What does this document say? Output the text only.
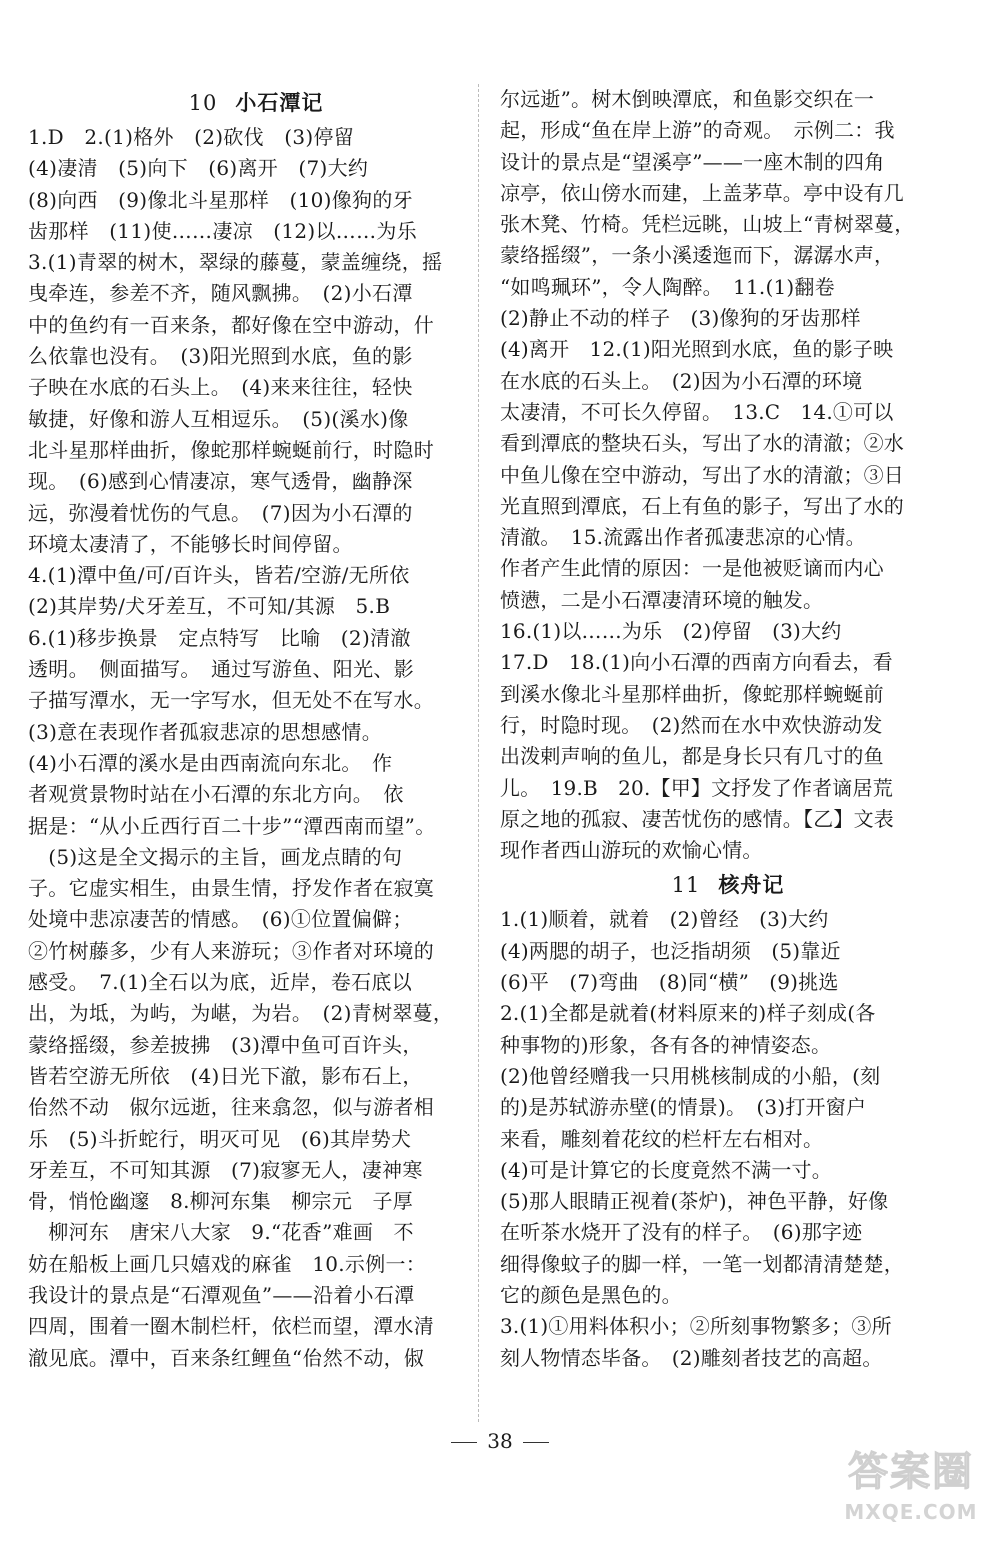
10 小石潭记
1.D　2.(1)格外　(2)砍伐　(3)停留
(4)凄清　(5)向下　(6)离开　(7)大约
(8)向西　(9)像北斗星那样　(10)像狗的牙
齿那样　(11)使……凄凉　(12)以……为乐
3.(1)青翠的树木，翠绿的藤蔓，蒙盖缠绕，摇
曳牵连，参差不齐，随风飘拂。　(2)小石潭
中的鱼约有一百来条，都好像在空中游动，什
么依靠也没有。　(3)阳光照到水底，鱼的影
子映在水底的石头上。　(4)来来往往，轻快
敏捷，好像和游人互相逗乐。　(5)(溪水)像
北斗星那样曲折，像蛇那样蜿蜒前行，时隐时
现。　(6)感到心情凄凉，寒气透骨，幽静深
远，弥漫着忧伤的气息。　(7)因为小石潭的
环境太凄清了，不能够长时间停留。
4.(1)潭中鱼/可/百许头，皆若/空游/无所依
(2)其岸势/犬牙差互，不可知/其源　5.B
6.(1)移步换景　定点特写　比喻　(2)清澈
透明。　侧面描写。　通过写游鱼、阳光、影
子描写潭水，无一字写水，但无处不在写水。
(3)意在表现作者孤寂悲凉的思想感情。
(4)小石潭的溪水是由西南流向东北。　作
者观赏景物时站在小石潭的东北方向。　依
据是：“从小丘西行百二十步”“潭西南而望”。
　(5)这是全文揭示的主旨，画龙点睛的句
子。它虚实相生，由景生情，抒发作者在寂寞
处境中悲凉凄苦的情感。　(6)①位置偏僻；
②竹树藤多，少有人来游玩；③作者对环境的
感受。　7.(1)全石以为底，近岸，卷石底以
出，为坻，为屿，为嵁，为岩。　(2)青树翠蔓，
蒙络摇缀，参差披拂　(3)潭中鱼可百许头，
皆若空游无所依　(4)日光下澈，影布石上，
佁然不动　俶尔远逝，往来翕忽，似与游者相
乐　(5)斗折蛇行，明灭可见　(6)其岸势犬
牙差互，不可知其源　(7)寂寥无人，凄神寒
骨，悄怆幽邃　8.柳河东集　柳宗元　子厚
　柳河东　唐宋八大家　9.“花香”难画　不
妨在船板上画几只嬉戏的麻雀　10.示例一：
我设计的景点是“石潭观鱼”——沿着小石潭
四周，围着一圈木制栏杆，依栏而望，潭水清
澈见底。潭中，百来条红鲤鱼“佁然不动，俶
尔远逝”。树木倒映潭底，和鱼影交织在一
起，形成“鱼在岸上游”的奇观。　示例二：我
设计的景点是“望溪亭”——一座木制的四角
凉亭，依山傍水而建，上盖茅草。亭中设有几
张木凳、竹椅。凭栏远眺，山坡上“青树翠蔓，
蒙络摇缀”，一条小溪逶迤而下，潺潺水声，
“如鸣珮环”，令人陶醉。　11.(1)翻卷
(2)静止不动的样子　(3)像狗的牙齿那样
(4)离开　12.(1)阳光照到水底，鱼的影子映
在水底的石头上。　(2)因为小石潭的环境
太凄清，不可长久停留。　13.C　14.①可以
看到潭底的整块石头，写出了水的清澈；②水
中鱼儿像在空中游动，写出了水的清澈；③日
光直照到潭底，石上有鱼的影子，写出了水的
清澈。　15.流露出作者孤凄悲凉的心情。
作者产生此情的原因：一是他被贬谪而内心
愤懑，二是小石潭凄清环境的触发。
16.(1)以……为乐　(2)停留　(3)大约
17.D　18.(1)向小石潭的西南方向看去，看
到溪水像北斗星那样曲折，像蛇那样蜿蜒前
行，时隐时现。　(2)然而在水中欢快游动发
出泼剌声响的鱼儿，都是身长只有几寸的鱼
儿。　19.B　20.【甲】文抒发了作者谪居荒
原之地的孤寂、凄苦忧伤的感情。【乙】文表
现作者西山游玩的欢愉心情。
11 核舟记
1.(1)顺着，就着　(2)曾经　(3)大约
(4)两腮的胡子，也泛指胡须　(5)靠近
(6)平　(7)弯曲　(8)同“横”　(9)挑选
2.(1)全都是就着(材料原来的)样子刻成(各
种事物的)形象，各有各的神情姿态。
(2)他曾经赠我一只用桃核制成的小船，(刻
的)是苏轼游赤壁(的情景)。　(3)打开窗户
来看，雕刻着花纹的栏杆左右相对。
(4)可是计算它的长度竟然不满一寸。
(5)那人眼睛正视着(茶炉)，神色平静，好像
在听茶水烧开了没有的样子。　(6)那字迹
细得像蚊子的脚一样，一笔一划都清清楚楚，
它的颜色是黑色的。
3.(1)①用料体积小；②所刻事物繁多；③所
刻人物情态毕备。　(2)雕刻者技艺的高超。
38
答案圈
MXQE.COM
